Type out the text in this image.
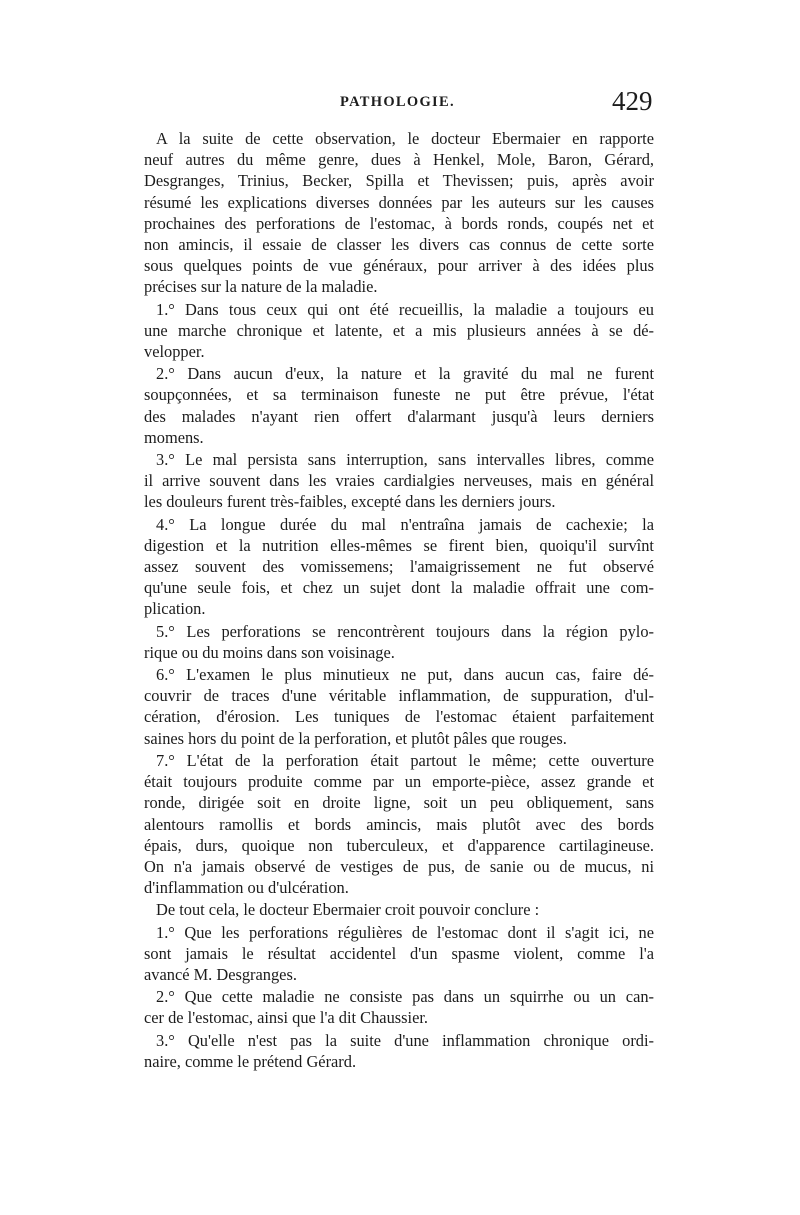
PATHOLOGIE.	429
A la suite de cette observation, le docteur Ebermaier en rapporte
neuf autres du même genre, dues à Henkel, Mole, Baron, Gérard,
Desgranges, Trinius, Becker, Spilla et Thevissen; puis, après avoir
résumé les explications diverses données par les auteurs sur les causes
prochaines des perforations de l'estomac, à bords ronds, coupés net et
non amincis, il essaie de classer les divers cas connus de cette sorte
sous quelques points de vue généraux, pour arriver à des idées plus
précises sur la nature de la maladie.
1.° Dans tous ceux qui ont été recueillis, la maladie a toujours eu
une marche chronique et latente, et a mis plusieurs années à se dé-
velopper.
2.° Dans aucun d'eux, la nature et la gravité du mal ne furent
soupçonnées, et sa terminaison funeste ne put être prévue, l'état
des malades n'ayant rien offert d'alarmant jusqu'à leurs derniers
momens.
3.° Le mal persista sans interruption, sans intervalles libres, comme
il arrive souvent dans les vraies cardialgies nerveuses, mais en général
les douleurs furent très-faibles, excepté dans les derniers jours.
4.° La longue durée du mal n'entraîna jamais de cachexie; la
digestion et la nutrition elles-mêmes se firent bien, quoiqu'il survînt
assez souvent des vomissemens; l'amaigrissement ne fut observé
qu'une seule fois, et chez un sujet dont la maladie offrait une com-
plication.
5.° Les perforations se rencontrèrent toujours dans la région pylo-
rique ou du moins dans son voisinage.
6.° L'examen le plus minutieux ne put, dans aucun cas, faire dé-
couvrir de traces d'une véritable inflammation, de suppuration, d'ul-
cération, d'érosion. Les tuniques de l'estomac étaient parfaitement
saines hors du point de la perforation, et plutôt pâles que rouges.
7.° L'état de la perforation était partout le même; cette ouverture
était toujours produite comme par un emporte-pièce, assez grande et
ronde, dirigée soit en droite ligne, soit un peu obliquement, sans
alentours ramollis et bords amincis, mais plutôt avec des bords
épais, durs, quoique non tuberculeux, et d'apparence cartilagineuse.
On n'a jamais observé de vestiges de pus, de sanie ou de mucus, ni
d'inflammation ou d'ulcération.
De tout cela, le docteur Ebermaier croit pouvoir conclure :
1.° Que les perforations régulières de l'estomac dont il s'agit ici, ne
sont jamais le résultat accidentel d'un spasme violent, comme l'a
avancé M. Desgranges.
2.° Que cette maladie ne consiste pas dans un squirrhe ou un can-
cer de l'estomac, ainsi que l'a dit Chaussier.
3.° Qu'elle n'est pas la suite d'une inflammation chronique ordi-
naire, comme le prétend Gérard.
